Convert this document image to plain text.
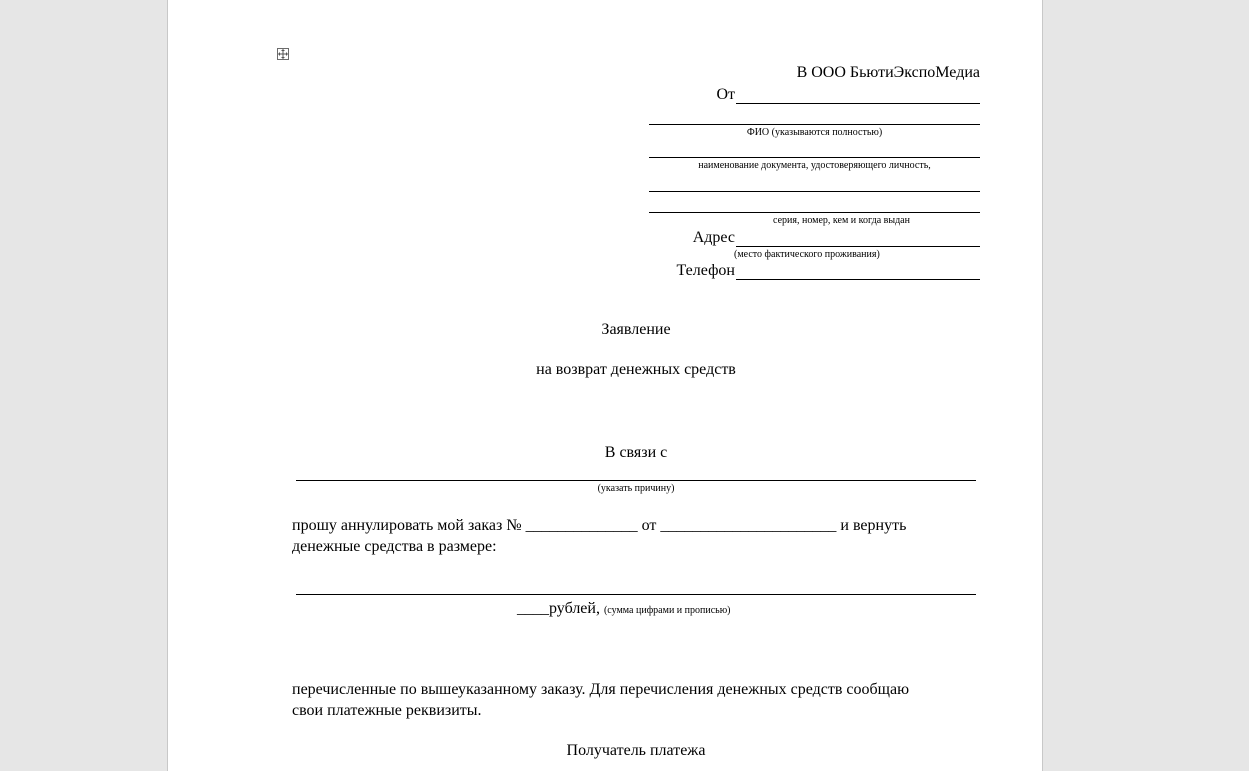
В ООО БьютиЭкспоМедиа
От
ФИО (указываются полностью)
наименование документа, удостоверяющего личность,
серия, номер, кем и когда выдан
Адрес
(место фактического проживания)
Телефон
Заявление
на возврат денежных средств
В связи с
(указать причину)
прошу аннулировать мой заказ № ______________ от ______________________ и вернуть
денежные средства в размере:
____рублей, (сумма цифрами и прописью)
перечисленные по вышеуказанному заказу. Для перечисления денежных средств сообщаю
свои платежные реквизиты.
Получатель платежа
